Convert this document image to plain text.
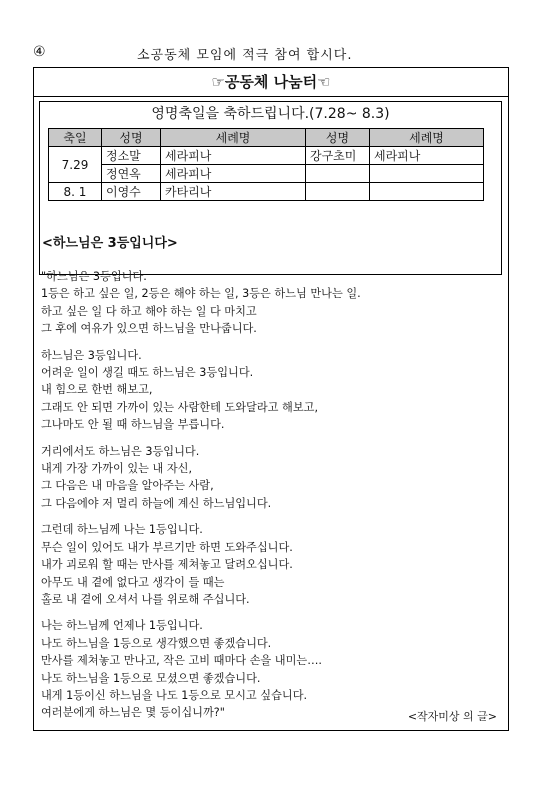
④	소공동체 모임에 적극 참여 합시다.
☞공동체 나눔터☜
영명축일을 축하드립니다.(7.28~ 8.3)
축일	성명	세례명	성명	세례명
7.29	정소말	세라피나	강구초미	세라피나
	정연옥	세라피나		
8. 1	이영수	카타리나		
<하느님은 3등입니다>
"하느님은 3등입니다.
1등은 하고 싶은 일, 2등은 해야 하는 일, 3등은 하느님 만나는 일.
하고 싶은 일 다 하고 해야 하는 일 다 마치고
그 후에 여유가 있으면 하느님을 만나줍니다.
하느님은 3등입니다.
어려운 일이 생길 때도 하느님은 3등입니다.
내 힘으로 한번 해보고,
그래도 안 되면 가까이 있는 사람한테 도와달라고 해보고,
그나마도 안 될 때 하느님을 부릅니다.
거리에서도 하느님은 3등입니다.
내게 가장 가까이 있는 내 자신,
그 다음은 내 마음을 알아주는 사람,
그 다음에야 저 멀리 하늘에 계신 하느님입니다.
그런데 하느님께 나는 1등입니다.
무슨 일이 있어도 내가 부르기만 하면 도와주십니다.
내가 괴로워 할 때는 만사를 제쳐놓고 달려오십니다.
아무도 내 곁에 없다고 생각이 들 때는
홀로 내 곁에 오셔서 나를 위로해 주십니다.
나는 하느님께 언제나 1등입니다.
나도 하느님을 1등으로 생각했으면 좋겠습니다.
만사를 제쳐놓고 만나고, 작은 고비 때마다 손을 내미는….
나도 하느님을 1등으로 모셨으면 좋겠습니다.
내게 1등이신 하느님을 나도 1등으로 모시고 싶습니다.
여러분에게 하느님은 몇 등이십니까?"	<작자미상 의 글>
